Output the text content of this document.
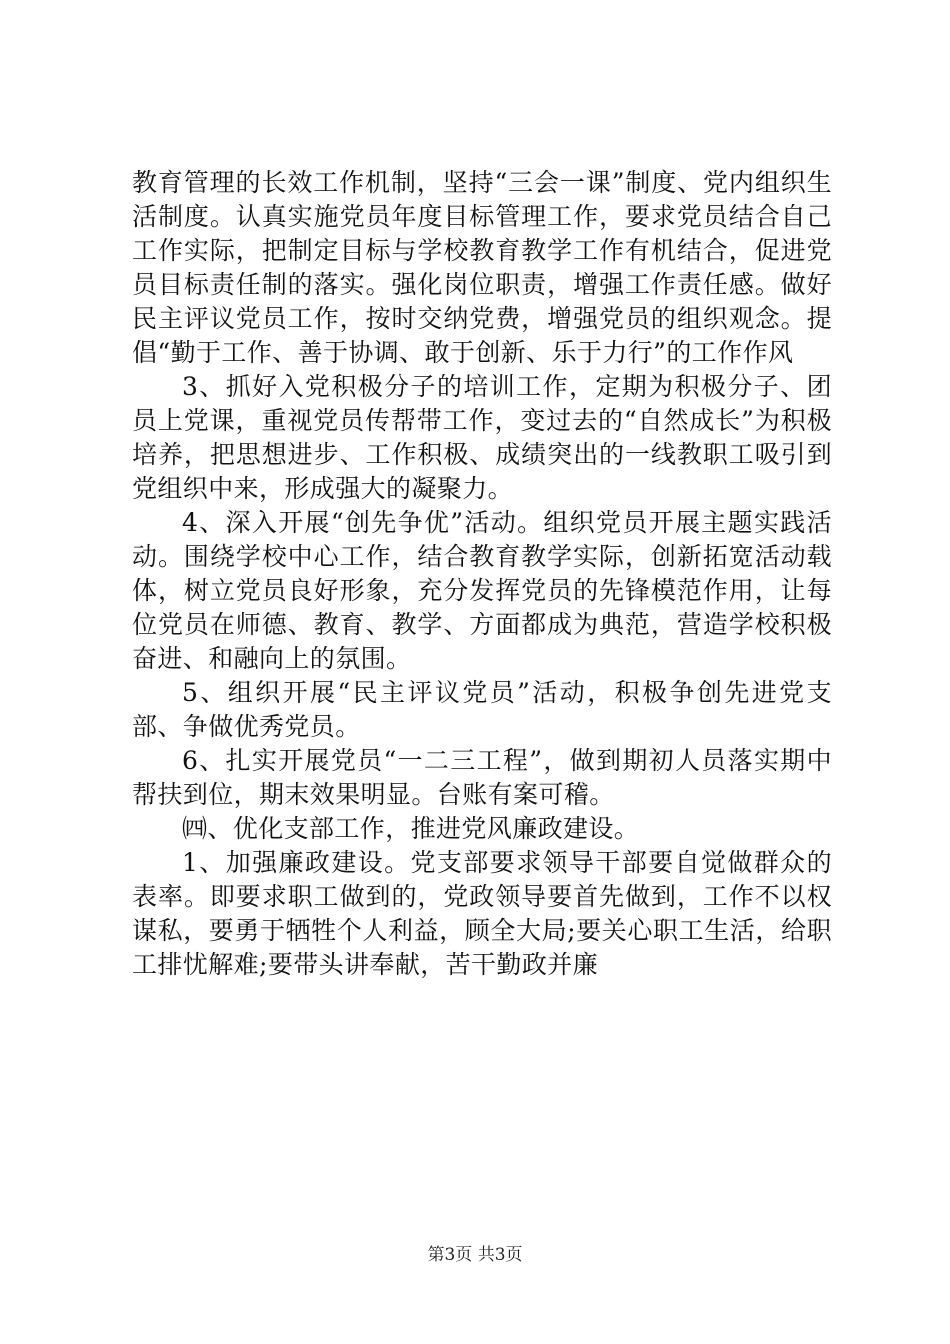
教育管理的长效工作机制，坚持“三会一课”制度、党内组织生活制度。认真实施党员年度目标管理工作，要求党员结合自己工作实际，把制定目标与学校教育教学工作有机结合，促进党员目标责任制的落实。强化岗位职责，增强工作责任感。做好民主评议党员工作，按时交纳党费，增强党员的组织观念。提倡“勤于工作、善于协调、敢于创新、乐于力行”的工作作风

3、抓好入党积极分子的培训工作，定期为积极分子、团员上党课，重视党员传帮带工作，变过去的“自然成长”为积极培养，把思想进步、工作积极、成绩突出的一线教职工吸引到党组织中来，形成强大的凝聚力。

4、深入开展“创先争优”活动。组织党员开展主题实践活动。围绕学校中心工作，结合教育教学实际，创新拓宽活动载体，树立党员良好形象，充分发挥党员的先锋模范作用，让每位党员在师德、教育、教学、方面都成为典范，营造学校积极奋进、和融向上的氛围。

5、组织开展“民主评议党员”活动，积极争创先进党支部、争做优秀党员。

6、扎实开展党员“一二三工程”，做到期初人员落实期中帮扶到位，期末效果明显。台账有案可稽。

㈣、优化支部工作，推进党风廉政建设。

1、加强廉政建设。党支部要求领导干部要自觉做群众的表率。即要求职工做到的，党政领导要首先做到，工作不以权谋私，要勇于牺牲个人利益，顾全大局;要关心职工生活，给职工排忧解难;要带头讲奉献，苦干勤政并廉

第3页 共3页
